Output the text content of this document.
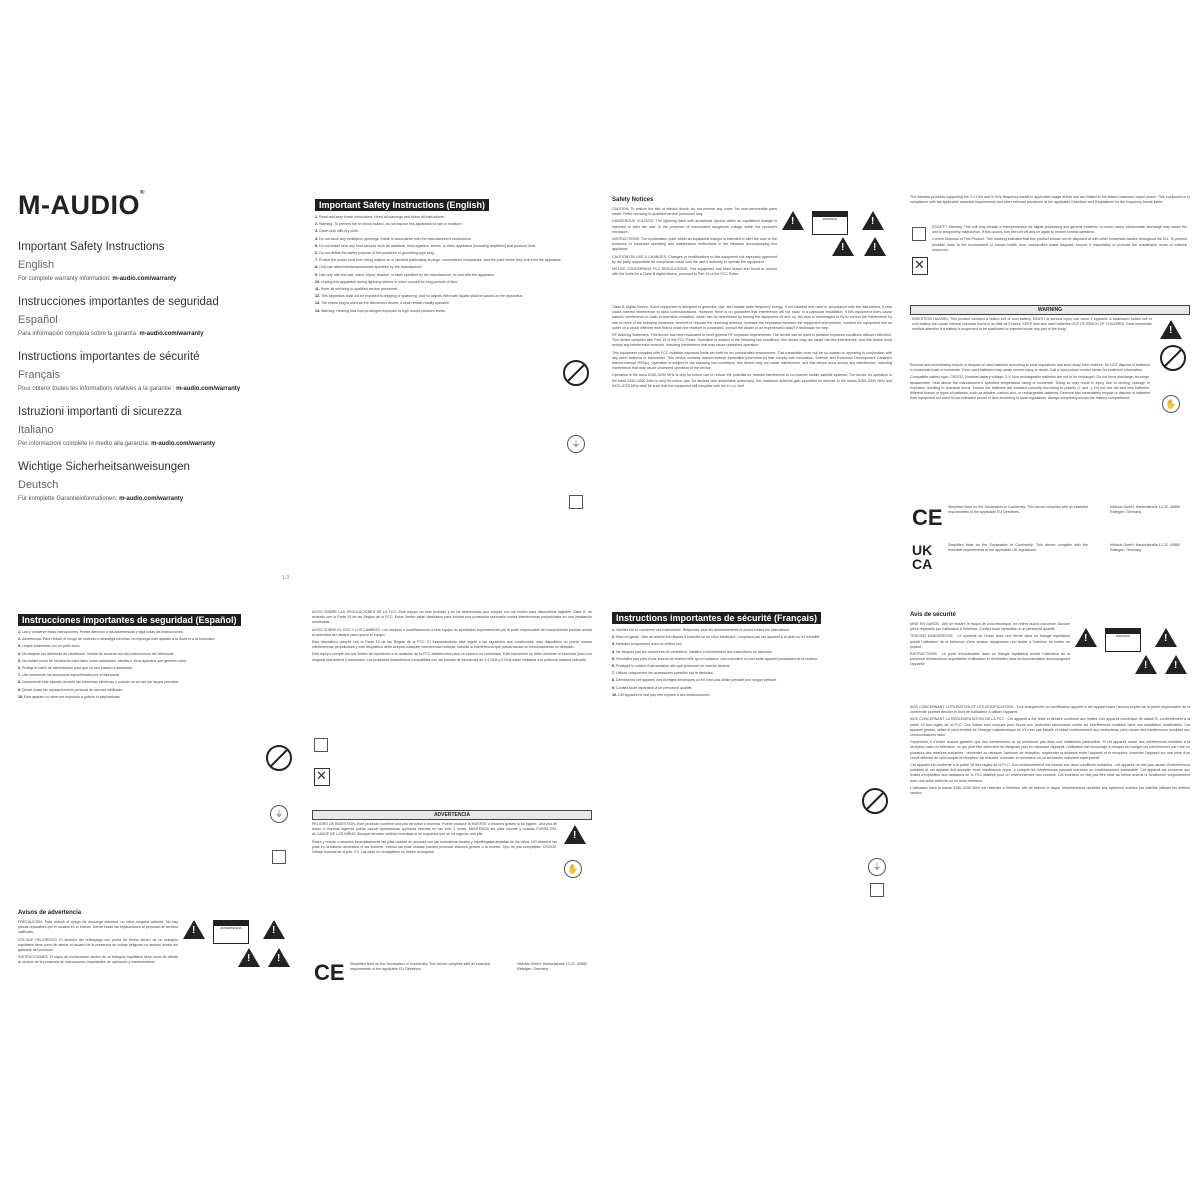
M-AUDIO®
Important Safety Instructions
English
For complete warranty information: m-audio.com/warranty
Instrucciones importantes de seguridad
Español
Para información completa sobre la garantía: m-audio.com/warranty
Instructions importantes de sécurité
Français
Pour obtenir toutes les informations relatives à la garantie : m-audio.com/warranty
Istruzioni importanti di sicurezza
Italiano
Per informazioni complete in merito alla garanzia: m-audio.com/warranty
Wichtige Sicherheitsanweisungen
Deutsch
Für komplette Garantieinformationen: m-audio.com/warranty
1.3
Important Safety Instructions (English)

1. Read and keep these instructions. Heed all warnings and follow all instructions.

2. Warning: To prevent fire or shock hazard, do not expose this apparatus to rain or moisture.

3. Clean only with dry cloth.

4. Do not block any ventilation openings. Install in accordance with the manufacturer's instructions.

5. Do not install near any heat sources such as radiators, heat registers, stoves, or other apparatus (including amplifiers) that produce heat.

6. Do not defeat the safety purpose of the polarized or grounding-type plug.

7. Protect the power cord from being walked on or pinched particularly at plugs, convenience receptacles, and the point where they exit from the apparatus.

8. Only use attachments/accessories specified by the manufacturer.

9. Use only with the cart, stand, tripod, bracket, or table specified by the manufacturer, or sold with the apparatus.

10. Unplug this apparatus during lightning storms or when unused for long periods of time.

11. Refer all servicing to qualified service personnel.

12. This apparatus shall not be exposed to dripping or splashing, and no objects filled with liquids shall be placed on the apparatus.

13. The mains plug is used as the disconnect device; it shall remain readily operable.

14. Warning: Hearing loss from prolonged exposure to high sound pressure levels.

⏚
Safety Notices

CAUTION: To reduce the risk of electric shock, do not remove any cover. No user-serviceable parts inside. Refer servicing to qualified service personnel only.

DANGEROUS VOLTAGE: The lightning flash with arrowhead symbol within an equilateral triangle is intended to alert the user to the presence of uninsulated dangerous voltage within the product's enclosure.

INSTRUCTIONS: The exclamation point within an equilateral triangle is intended to alert the user to the presence of important operating and maintenance instructions in the literature accompanying this appliance.

CAUTION ON USE & CHANGES: Changes or modifications to this equipment not expressly approved by the party responsible for compliance could void the user's authority to operate the equipment.

NOTICE CONCERNING FCC REGULATIONS: This equipment has been tested and found to comply with the limits for a Class B digital device, pursuant to Part 15 of the FCC Rules.

!
WARNING
!
!
!

Class B Digital Device: Some equipment is designed to generate, use, and radiate radio frequency energy. If not installed and used in accordance with the instructions, it may cause harmful interference to radio communications. However, there is no guarantee that interference will not occur in a particular installation. If this equipment does cause harmful interference to radio or television reception, which can be determined by turning the equipment off and on, the user is encouraged to try to correct the interference by one or more of the following measures: reorient or relocate the receiving antenna, increase the separation between the equipment and receiver, connect the equipment into an outlet on a circuit different from that to which the receiver is connected, consult the dealer or an experienced radio/TV technician for help.

RF Warning Statement: This device has been evaluated to meet general RF exposure requirements. The device can be used in portable exposure conditions without restriction. This device complies with Part 15 of the FCC Rules. Operation is subject to the following two conditions: this device may not cause harmful interference, and this device must accept any interference received, including interference that may cause undesired operation.

This equipment complies with FCC radiation exposure limits set forth for an uncontrolled environment. This transmitter must not be co-located or operating in conjunction with any other antenna or transmitter. This device contains licence-exempt transmitter(s)/receiver(s) that comply with Innovation, Science and Economic Development Canada's licence-exempt RSS(s). Operation is subject to the following two conditions: this device may not cause interference, and this device must accept any interference, including interference that may cause undesired operation of the device.

Operation in the band 5150–5250 MHz is only for indoor use to reduce the potential for harmful interference to co-channel mobile satellite systems. The device for operation in the band 5150–5250 MHz is only for indoor use; for devices with detachable antenna(s), the maximum antenna gain permitted for devices in the bands 5250–5350 MHz and 5470–5725 MHz shall be such that the equipment still complies with the e.i.r.p. limit.

The wireless products supporting the 2.4 GHz and 5 GHz frequency bands in applicable usage at this unit are limited to the stated maximum output power. This equipment is in compliance with the applicable essential requirements and other relevant provisions of the applicable Directives and Regulations for the frequency bands listed.

✕

ESD/EFT Warning: This unit may contain a microprocessor for signal processing and general functions. In some cases, electrostatic discharge may cause the unit to temporarily malfunction. If this occurs, turn the unit off and on again to restore normal operation.

Correct Disposal of This Product: This marking indicates that this product should not be disposed of with other household wastes throughout the EU. To prevent possible harm to the environment or human health from uncontrolled waste disposal, recycle it responsibly to promote the sustainable reuse of material resources.

WARNING

INGESTION HAZARD: This product contains a button cell or coin battery. DEATH or serious injury can occur if ingested. A swallowed button cell or coin battery can cause internal chemical burns in as little as 2 hours. KEEP new and used batteries OUT OF REACH OF CHILDREN. Seek immediate medical attention if a battery is suspected to be swallowed or inserted inside any part of the body.

!

Remove and immediately recycle or dispose of used batteries according to local regulations and keep away from children. Do NOT dispose of batteries in household trash or incinerate. Even used batteries may cause severe injury or death. Call a local poison control center for treatment information.

Compatible battery type: CR2032. Nominal battery voltage: 3 V. Non-rechargeable batteries are not to be recharged. Do not force discharge, recharge, disassemble, heat above the manufacturer's specified temperature rating or incinerate. Doing so may result in injury due to venting, leakage or explosion resulting in chemical burns. Ensure the batteries are installed correctly according to polarity (+ and -). Do not mix old and new batteries, different brands or types of batteries, such as alkaline, carbon-zinc, or rechargeable batteries. Remove and immediately recycle or dispose of batteries from equipment not used for an extended period of time according to local regulations. Always completely secure the battery compartment.

✋
CE Simplified Note on the Declaration of Conformity: This device complies with all essential requirements of the applicable EU Directives.

InMusic GmbH, Harkortstraße 12-32, 40880 Ratingen, Germany

UK CA

Simplified Note on the Declaration of Conformity: This device complies with the essential requirements of the applicable UK regulations.

InMusic GmbH, Harkortstraße 12-32, 40880 Ratingen, Germany

Instrucciones importantes de seguridad (Español)

1. Lea y conserve estas instrucciones. Preste atención a las advertencias y siga todas las instrucciones.

2. Advertencia: Para reducir el riesgo de incendio o descarga eléctrica, no exponga este aparato a la lluvia ni a la humedad.

3. Limpie solamente con un paño seco.

4. No bloquee las aberturas de ventilación. Instale de acuerdo con las instrucciones del fabricante.

5. No instale cerca de fuentes de calor tales como radiadores, estufas u otros aparatos que generen calor.

6. Proteja el cable de alimentación para que no sea pisado ni aplastado.

7. Use solamente los accesorios especificados por el fabricante.

8. Desconecte este aparato durante las tormentas eléctricas o cuando no se use por largos períodos.

9. Derive todas las reparaciones al personal de servicio calificado.

10. Este aparato no debe ser expuesto a goteos ni salpicaduras.

⏚
Avisos de advertencia

PRECAUCIÓN: Para reducir el riesgo de descarga eléctrica, no retire ninguna cubierta. No hay piezas reparables por el usuario en el interior. Derive todas las reparaciones al personal de servicio calificado.

VOLTAJE PELIGROSO: El símbolo del relámpago con punta de flecha dentro de un triángulo equilátero tiene como fin alertar al usuario de la presencia de voltaje peligroso no aislado dentro del gabinete del producto.

INSTRUCCIONES: El signo de exclamación dentro de un triángulo equilátero tiene como fin alertar al usuario de la presencia de instrucciones importantes de operación y mantenimiento.

!
ADVERTENCIA
!
!
!

AVISO SOBRE LAS REGULACIONES DE LA FCC: Este equipo ha sido probado y se ha determinado que cumple con los límites para dispositivos digitales Clase B, de acuerdo con la Parte 15 de las Reglas de la FCC. Estos límites están diseñados para brindar una protección razonable contra interferencias perjudiciales en una instalación residencial.

AVISO SOBRE EL USO Y LOS CAMBIOS: Los cambios o modificaciones a este equipo no aprobados expresamente por la parte responsable del cumplimiento podrían anular la autoridad del usuario para operar el equipo.

Este dispositivo cumple con la Parte 15 de las Reglas de la FCC. El funcionamiento está sujeto a las siguientes dos condiciones: este dispositivo no puede causar interferencias perjudiciales y este dispositivo debe aceptar cualquier interferencia recibida, incluida la interferencia que pueda causar un funcionamiento no deseado.

Este equipo cumple con los límites de exposición a la radiación de la FCC establecidos para un entorno no controlado. Este transmisor no debe ubicarse ni funcionar junto con ninguna otra antena o transmisor. Los productos inalámbricos compatibles con las bandas de frecuencia de 2,4 GHz y 5 GHz están limitados a la potencia máxima indicada.

✕
ADVERTENCIA

PELIGRO DE INGESTIÓN: Este producto contiene una pila de botón o moneda. Puede producir la MUERTE o lesiones graves si se ingiere. Una pila de botón o moneda ingerida puede causar quemaduras químicas internas en tan solo 2 horas. MANTENGA las pilas nuevas y usadas FUERA DEL ALCANCE DE LOS NIÑOS. Busque atención médica inmediata si se sospecha que se ha ingerido una pila.

Retire y recicle o deseche inmediatamente las pilas usadas de acuerdo con las normativas locales y manténgalas alejadas de los niños. NO deseche las pilas en la basura doméstica ni las incinere. Incluso las pilas usadas pueden provocar lesiones graves o la muerte. Tipo de pila compatible: CR2032. Voltaje nominal de la pila: 3 V. Las pilas no recargables no deben recargarse.

!
✋
CE Simplified Note on the Declaration of Conformity: This device complies with all essential requirements of the applicable EU Directives.

InMusic GmbH, Harkortstraße 12-32, 40880 Ratingen, Germany

Instructions importantes de sécurité (Français)

1. Veuillez lire et conserver ces instructions. Respectez tous les avertissements et suivez toutes les instructions.

2. Mise en garde : Afin de réduire les risques d'incendie ou de choc électrique, n'exposez pas cet appareil à la pluie ou à l'humidité.

3. Nettoyez uniquement avec un chiffon sec.

4. Ne bloquez pas les ouvertures de ventilation. Installez conformément aux instructions du fabricant.

5. N'installez pas près d'une source de chaleur telle qu'un radiateur, une cuisinière ou tout autre appareil produisant de la chaleur.

6. Protégez le cordon d'alimentation afin que personne ne marche dessus.

7. Utilisez uniquement les accessoires spécifiés par le fabricant.

8. Débranchez cet appareil lors d'orages électriques ou s'il n'est pas utilisé pendant une longue période.

9. Confiez toute réparation à un personnel qualifié.

10. Cet appareil ne doit pas être exposé à des éclaboussures.

⏚
Avis de sécurité

MISE EN GARDE : Afin de réduire le risque de choc électrique, ne retirez aucun couvercle. Aucune pièce réparable par l'utilisateur à l'intérieur. Confiez toute réparation à un personnel qualifié.

TENSION DANGEREUSE : Le symbole de l'éclair avec une flèche dans un triangle équilatéral avertit l'utilisateur de la présence d'une tension dangereuse non isolée à l'intérieur du boîtier du produit.

INSTRUCTIONS : Le point d'exclamation dans un triangle équilatéral avertit l'utilisateur de la présence d'instructions importantes d'utilisation et d'entretien dans la documentation accompagnant l'appareil.

!
WARNING
!
!
!

AVIS CONCERNANT L'UTILISATION ET LES MODIFICATIONS : Tout changement ou modification apporté à cet appareil sans l'accord exprès de la partie responsable de la conformité pourrait annuler le droit de l'utilisateur à utiliser l'appareil.

AVIS CONCERNANT LA RÉGLEMENTATION DE LA FCC : Cet appareil a été testé et déclaré conforme aux limites d'un appareil numérique de classe B, conformément à la partie 15 des règles de la FCC. Ces limites sont conçues pour fournir une protection raisonnable contre les interférences nuisibles dans une installation résidentielle. Cet appareil génère, utilise et peut émettre de l'énergie radioélectrique et, s'il n'est pas installé et utilisé conformément aux instructions, peut causer des interférences nuisibles aux communications radio.

Cependant, il n'existe aucune garantie que des interférences ne se produiront pas dans une installation particulière. Si cet appareil cause des interférences nuisibles à la réception radio ou télévision, ce qui peut être déterminé en éteignant puis en rallumant l'appareil, l'utilisateur est encouragé à essayer de corriger les interférences par l'une ou plusieurs des mesures suivantes : réorienter ou déplacer l'antenne de réception, augmenter la distance entre l'appareil et le récepteur, brancher l'appareil sur une prise d'un circuit différent de celui auquel le récepteur est branché, consulter le revendeur ou un technicien radio/télé expérimenté.

Cet appareil est conforme à la partie 15 des règles de la FCC. Son fonctionnement est soumis aux deux conditions suivantes : cet appareil ne doit pas causer d'interférences nuisibles et cet appareil doit accepter toute interférence reçue, y compris les interférences pouvant entraîner un fonctionnement indésirable. Cet appareil est conforme aux limites d'exposition aux radiations de la FCC établies pour un environnement non contrôlé. Cet émetteur ne doit pas être situé au même endroit ni fonctionner conjointement avec une autre antenne ou un autre émetteur.

L'utilisation dans la bande 5150–5250 MHz est réservée à l'intérieur afin de réduire le risque d'interférences nuisibles aux systèmes mobiles par satellite utilisant les mêmes canaux.
